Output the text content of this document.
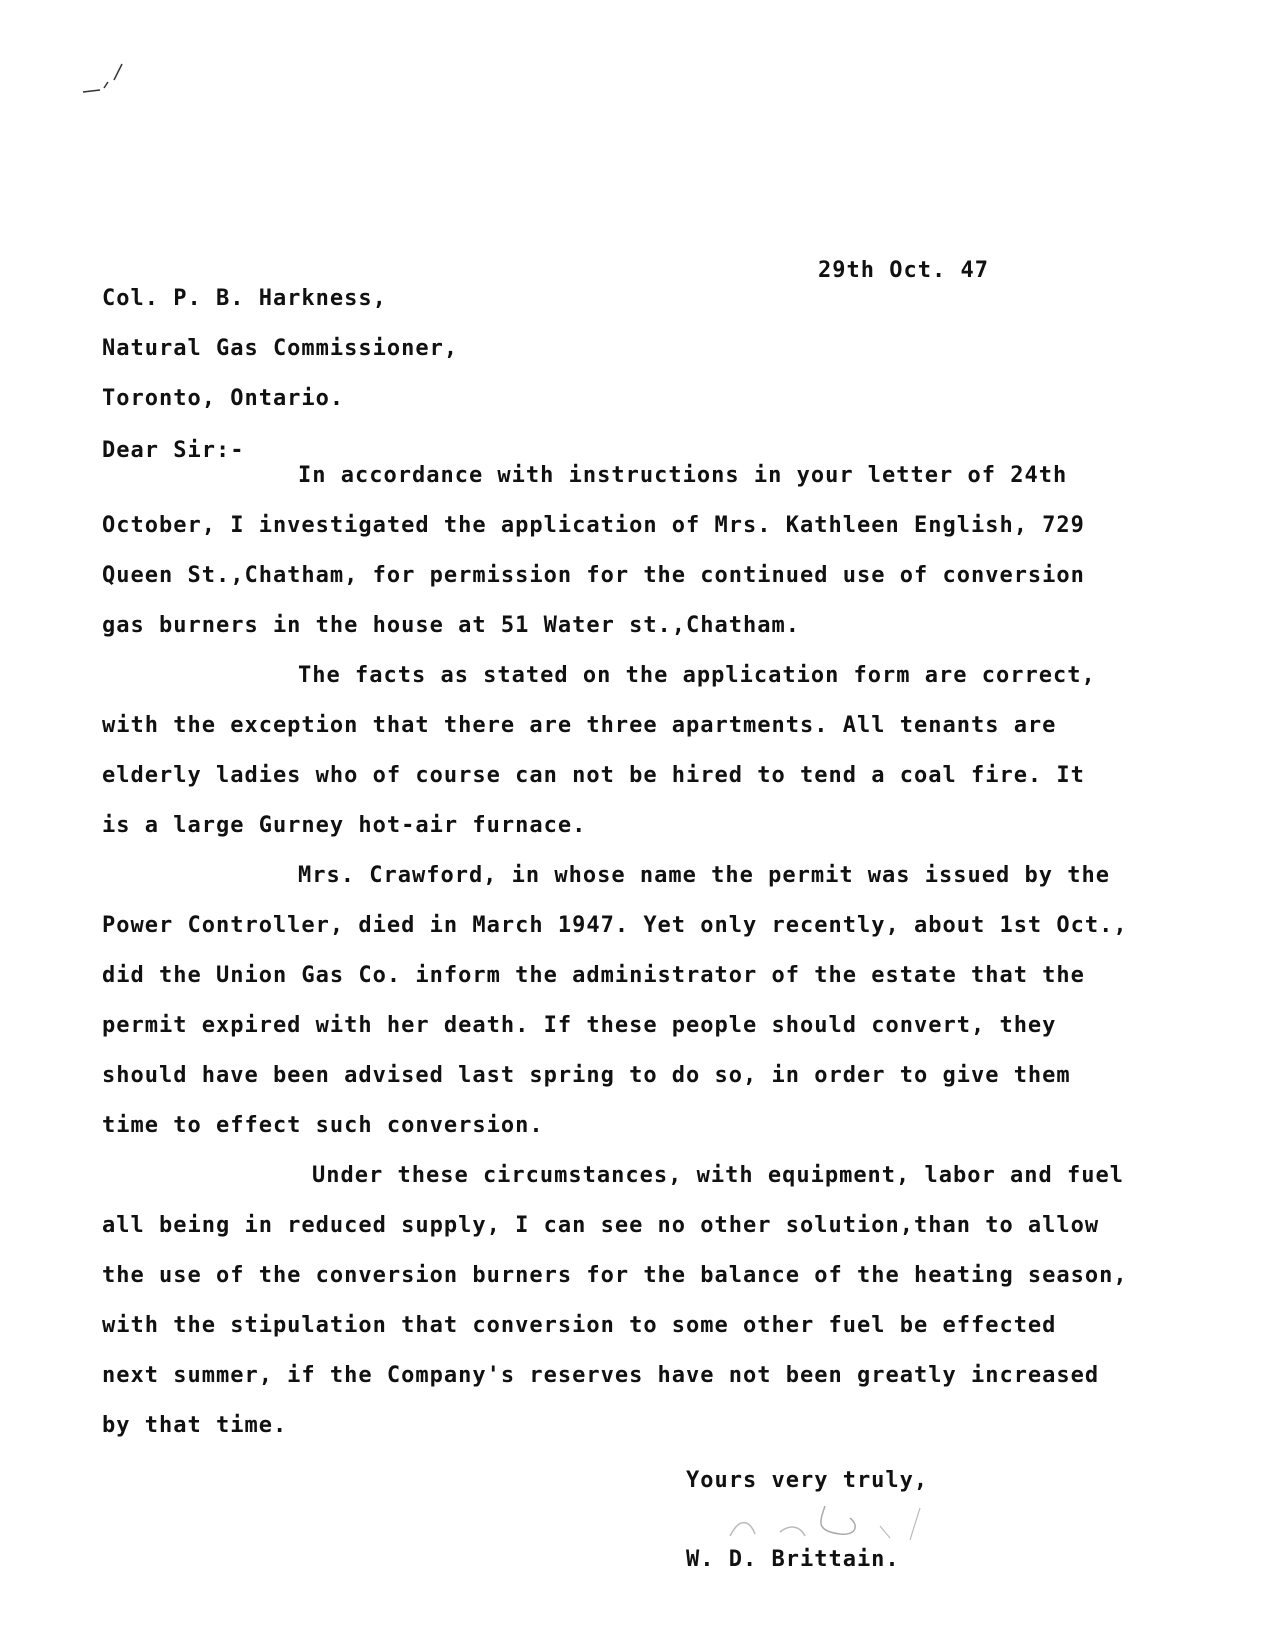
29th Oct. 47
Col. P. B. Harkness,
Natural Gas Commissioner,
Toronto, Ontario.
Dear Sir:-
In accordance with instructions in your letter of 24th
October, I investigated the application of Mrs. Kathleen English, 729
Queen St.,Chatham, for permission for the continued use of conversion
gas burners in the house at 51 Water st.,Chatham.
The facts as stated on the application form are correct,
with the exception that there are three apartments. All tenants are
elderly ladies who of course can not be hired to tend a coal fire. It
is a large Gurney hot-air furnace.
Mrs. Crawford, in whose name the permit was issued by the
Power Controller, died in March 1947. Yet only recently, about 1st Oct.,
did the Union Gas Co. inform the administrator of the estate that the
permit expired with her death. If these people should convert, they
should have been advised last spring to do so, in order to give them
time to effect such conversion.
Under these circumstances, with equipment, labor and fuel
all being in reduced supply, I can see no other solution,than to allow
the use of the conversion burners for the balance of the heating season,
with the stipulation that conversion to some other fuel be effected
next summer, if the Company's reserves have not been greatly increased
by that time.
Yours very truly,
W. D. Brittain.
